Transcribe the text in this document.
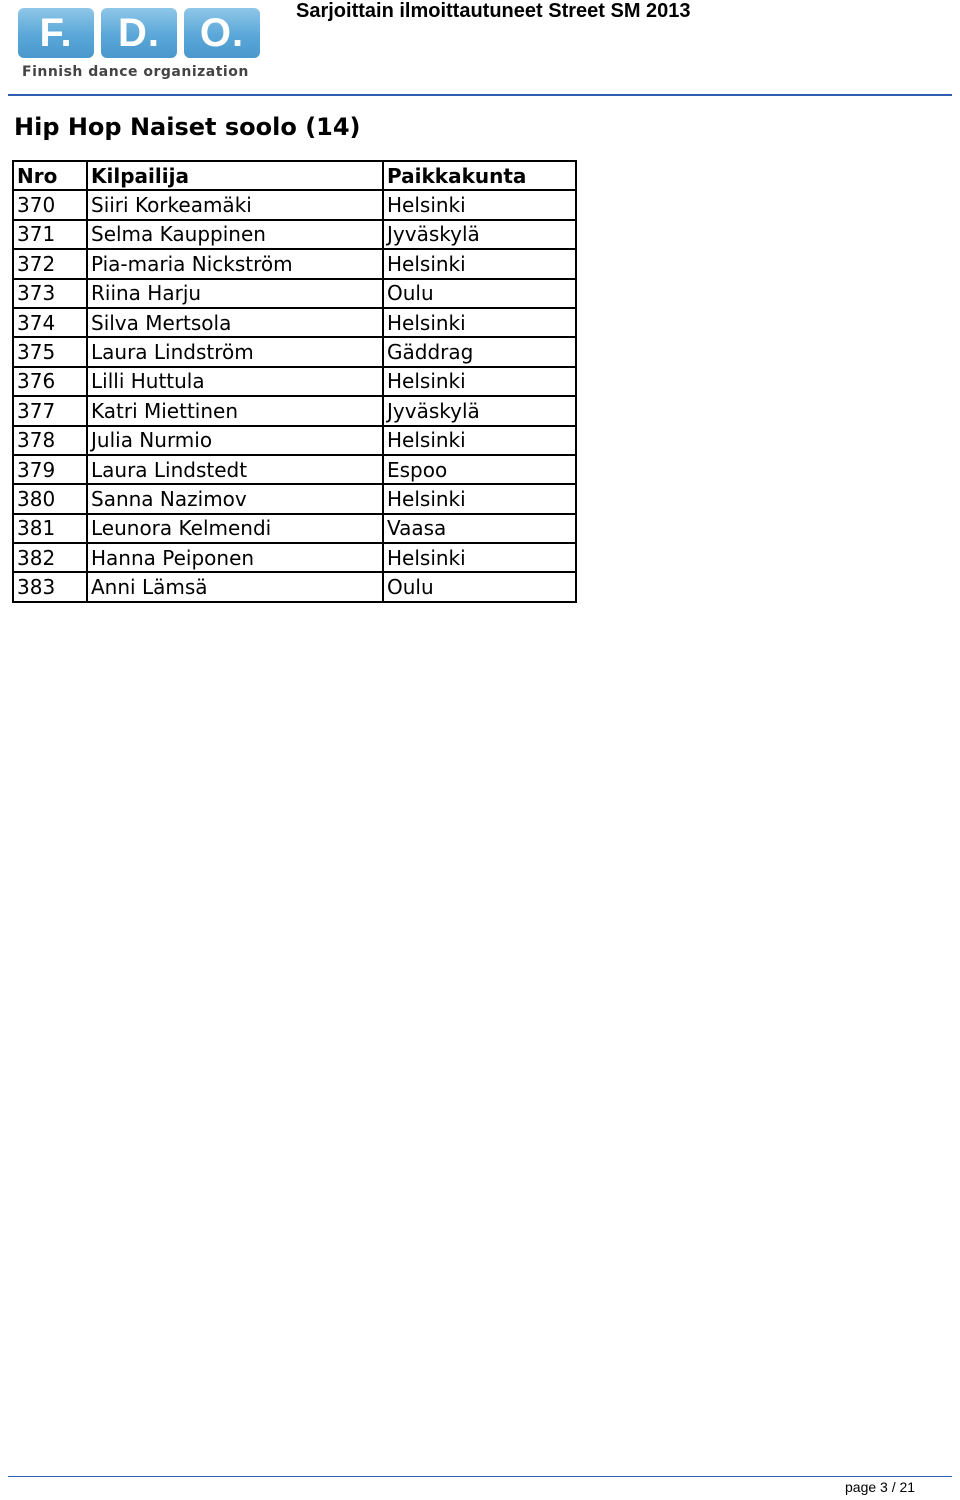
F.	D. O.
Finnish dance organization
Sarjoittain ilmoittautuneet Street SM 2013
Hip Hop Naiset soolo (14)
Nro	Kilpailija	Paikkakunta
370	Siiri Korkeamäki	Helsinki
371	Selma Kauppinen	Jyväskylä
372	Pia-maria Nickström	Helsinki
373	Riina Harju	Oulu
374	Silva Mertsola	Helsinki
375	Laura Lindström	Gäddrag
376	Lilli Huttula	Helsinki
377	Katri Miettinen	Jyväskylä
378	Julia Nurmio	Helsinki
379	Laura Lindstedt	Espoo
380	Sanna Nazimov	Helsinki
381	Leunora Kelmendi	Vaasa
382	Hanna Peiponen	Helsinki
383	Anni Lämsä	Oulu
page 3 / 21
